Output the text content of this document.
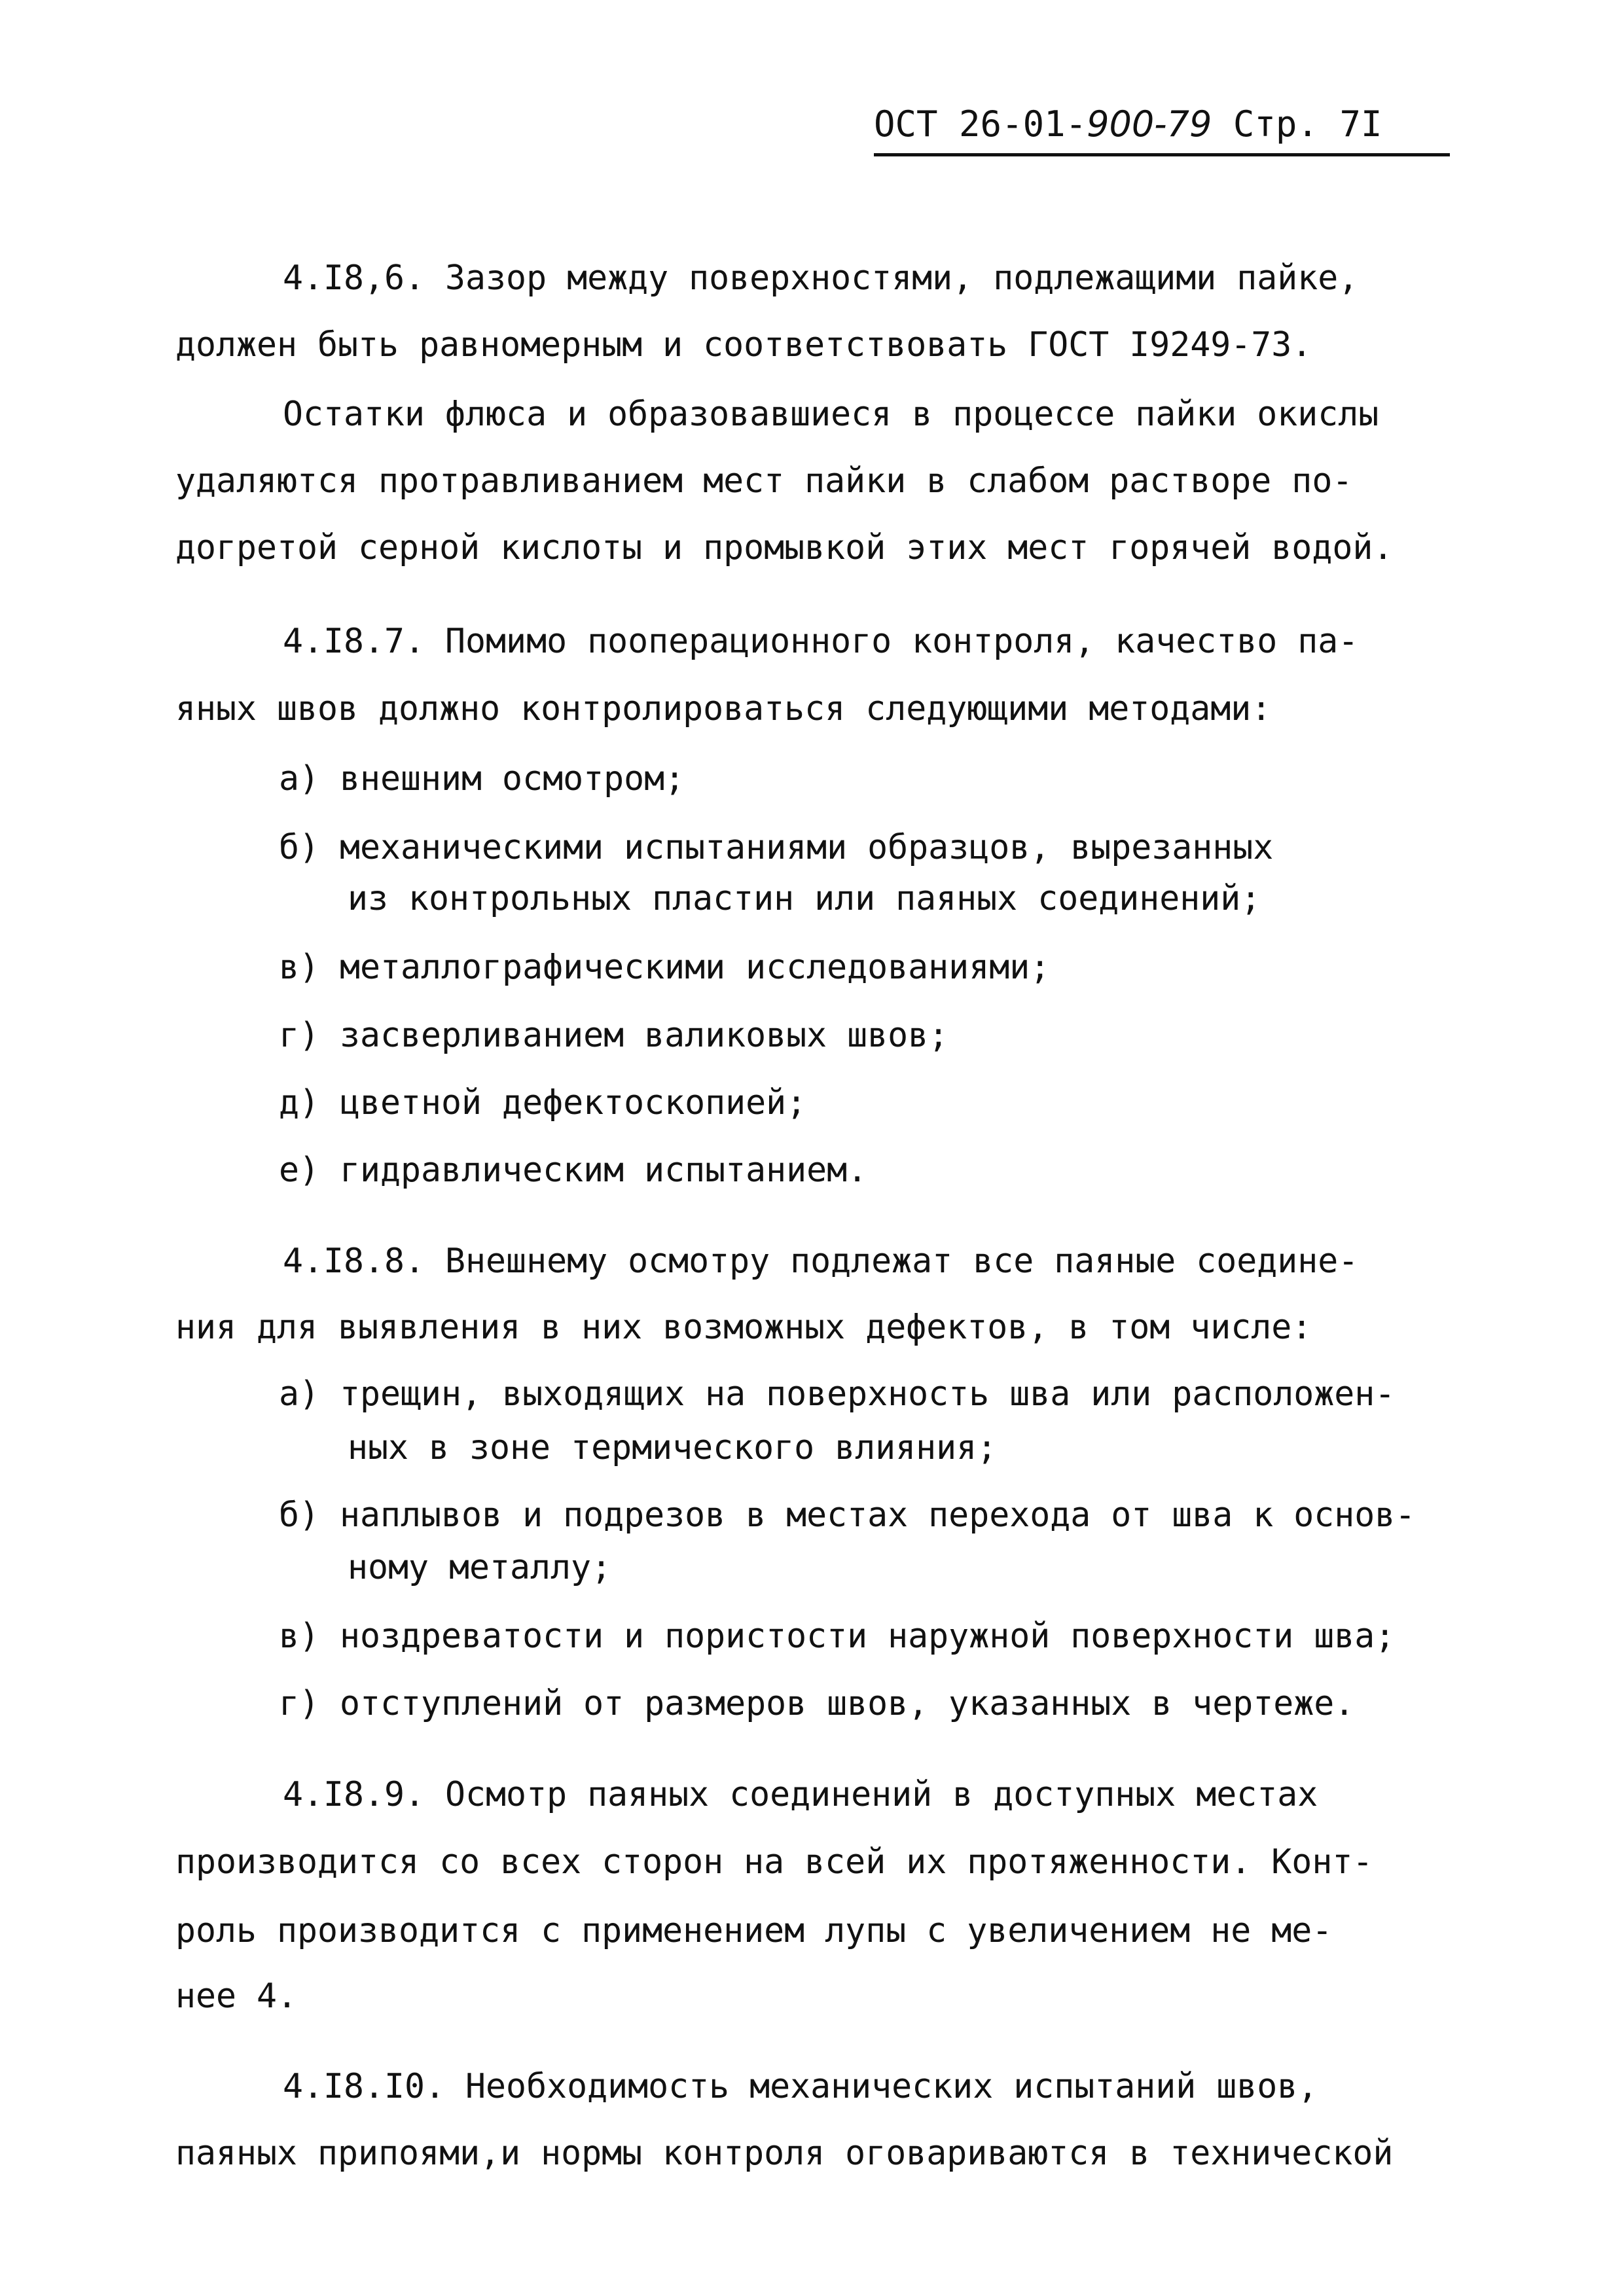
ОСТ 26-01-900-79 Стр. 7I
4.I8,6. Зазор между поверхностями, подлежащими пайке,
должен быть равномерным и соответствовать ГОСТ I9249-73.
Остатки флюса и образовавшиеся в процессе пайки окислы
удаляются протравливанием мест пайки в слабом растворе по-
догретой серной кислоты и промывкой этих мест горячей водой.
4.I8.7. Помимо пооперационного контроля, качество па-
яных швов должно контролироваться следующими методами:
а) внешним осмотром;
б) механическими испытаниями образцов, вырезанных
из контрольных пластин или паяных соединений;
в) металлографическими исследованиями;
г) засверливанием валиковых швов;
д) цветной дефектоскопией;
е) гидравлическим испытанием.
4.I8.8. Внешнему осмотру подлежат все паяные соедине-
ния для выявления в них возможных дефектов, в том числе:
а) трещин, выходящих на поверхность шва или расположен-
ных в зоне термического влияния;
б) наплывов и подрезов в местах перехода от шва к основ-
ному металлу;
в) ноздреватости и пористости наружной поверхности шва;
г) отступлений от размеров швов, указанных в чертеже.
4.I8.9. Осмотр паяных соединений в доступных местах
производится со всех сторон на всей их протяженности. Конт-
роль производится с применением лупы с увеличением не ме-
нее 4.
4.I8.I0. Необходимость механических испытаний швов,
паяных припоями,и нормы контроля оговариваются в технической
